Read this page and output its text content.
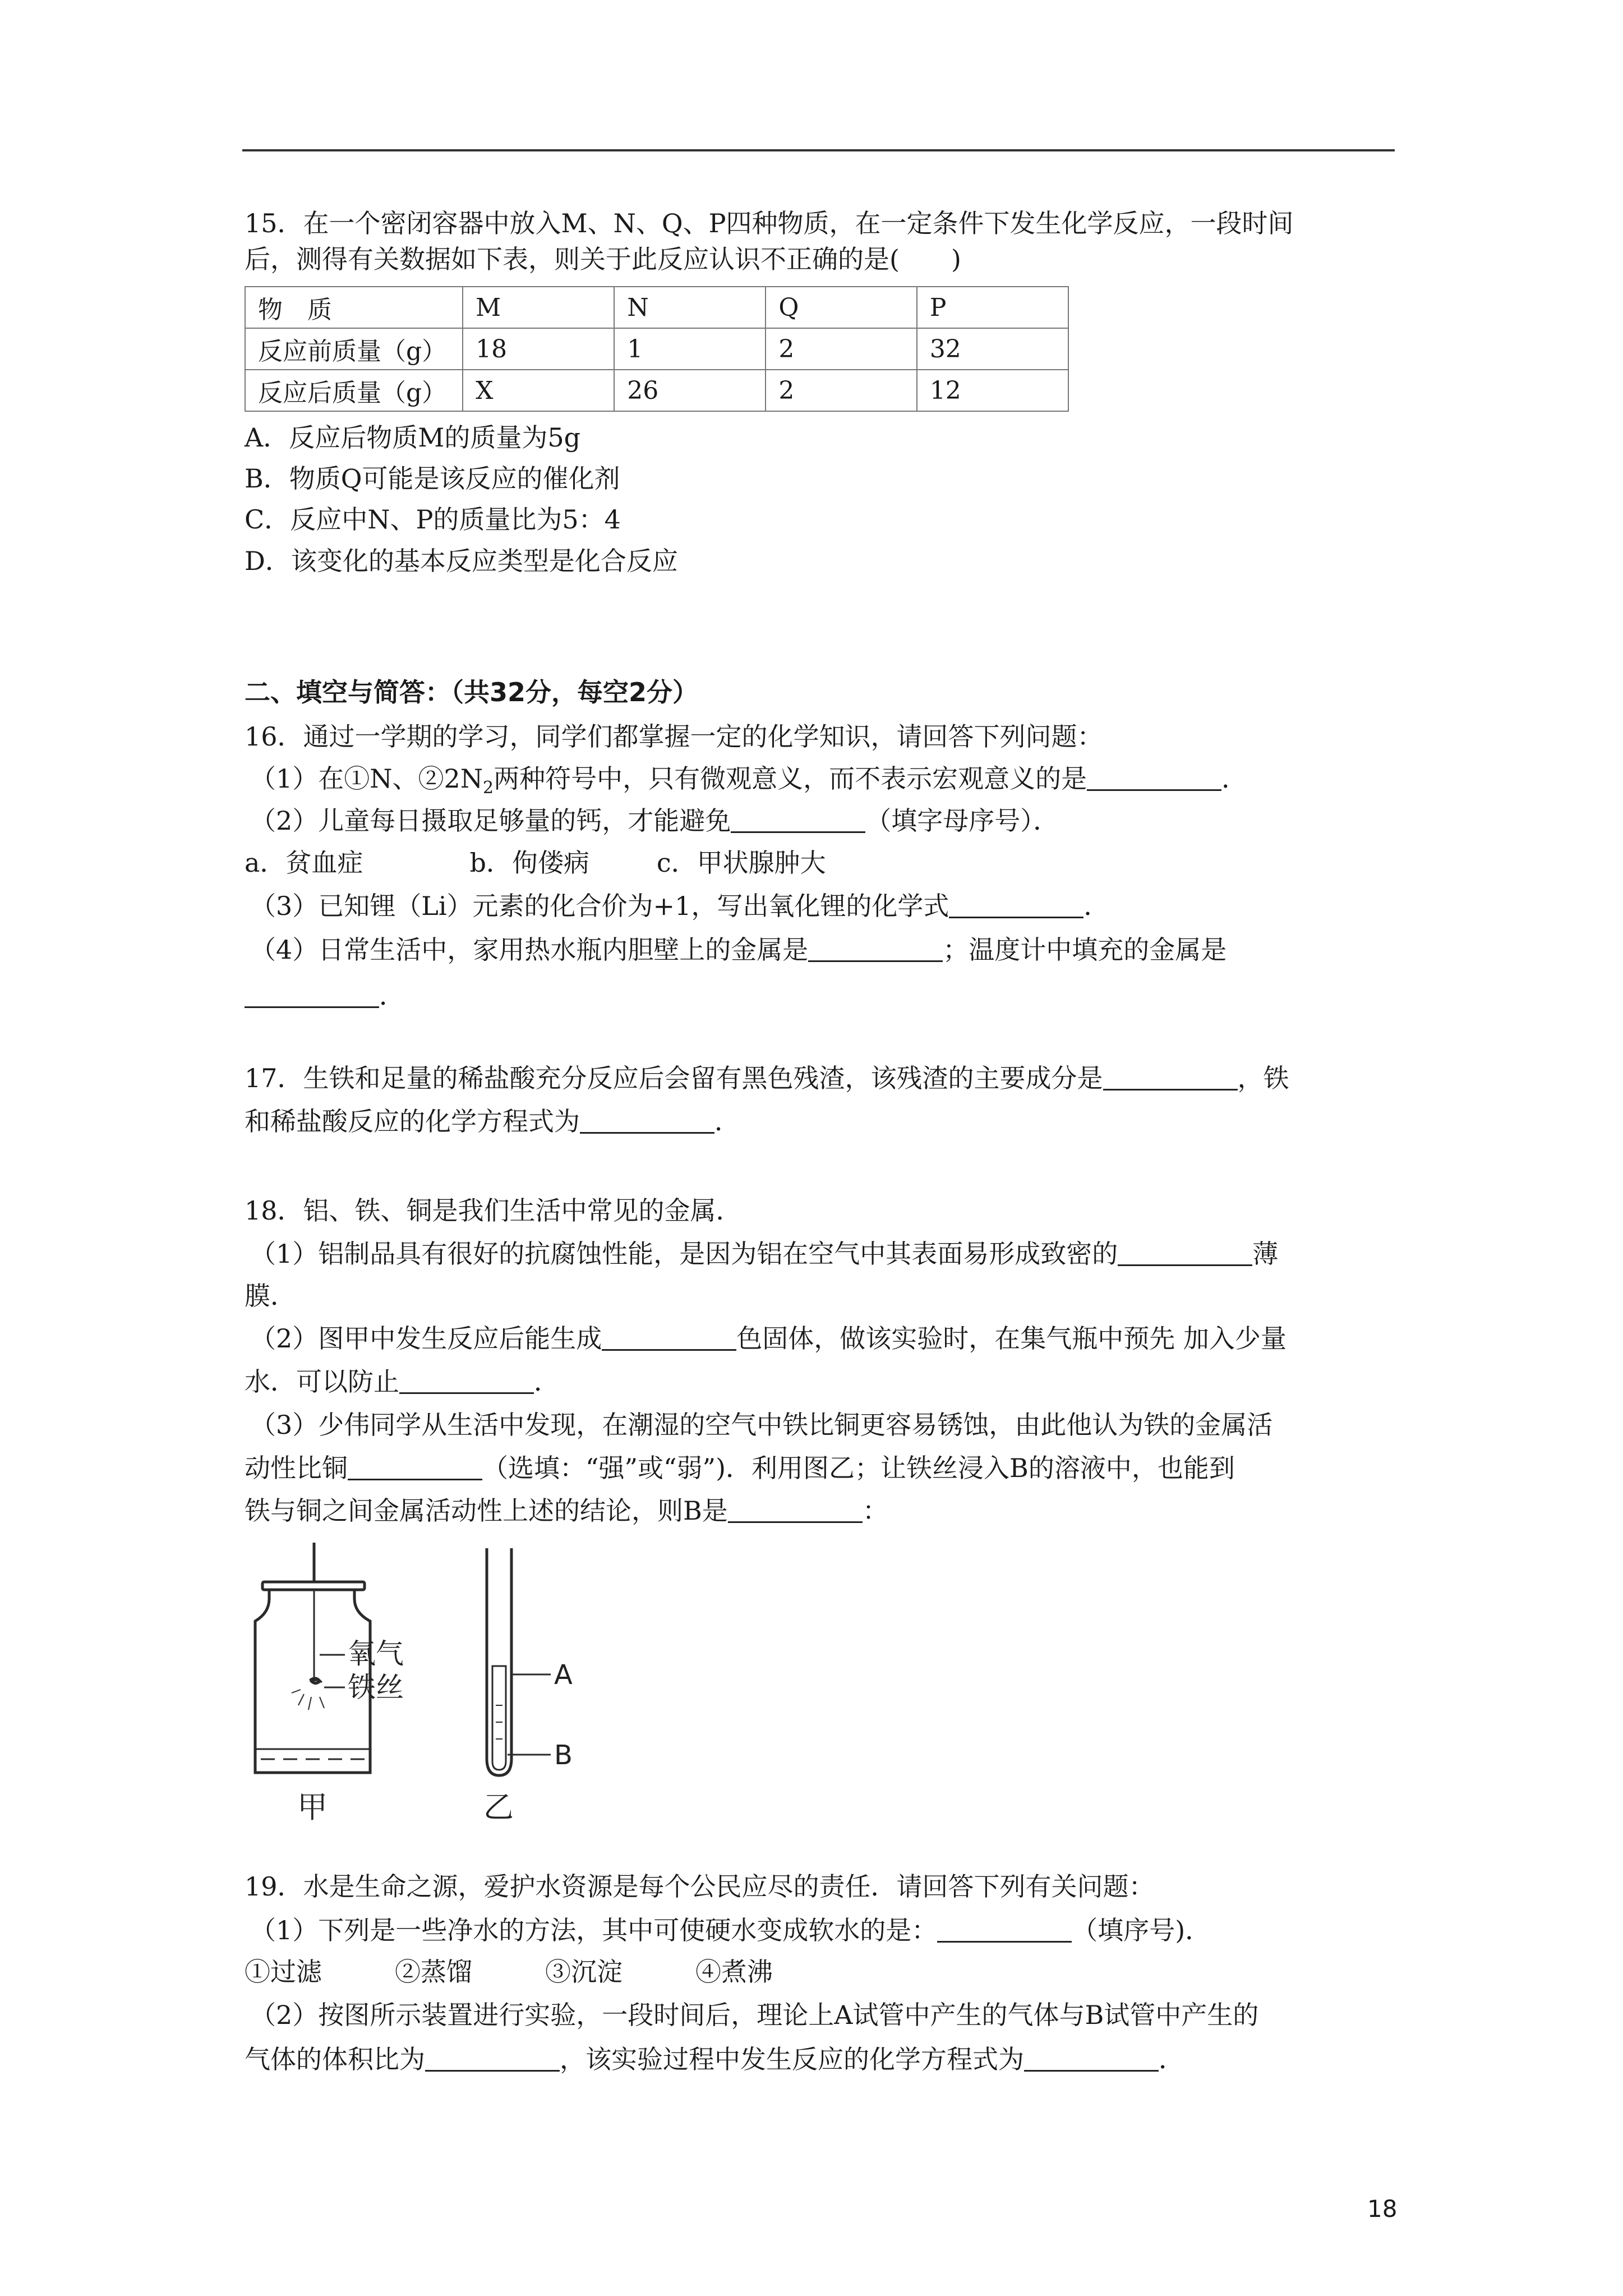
15．在一个密闭容器中放入M、N、Q、P四种物质，在一定条件下发生化学反应，一段时间
后，测得有关数据如下表，则关于此反应认识不正确的是(　　)
物　质	M	N	Q	P
反应前质量（g）	18	1	2	32
反应后质量（g）	X	26	2	12
A．反应后物质M的质量为5g
B．物质Q可能是该反应的催化剂
C．反应中N、P的质量比为5：4
D．该变化的基本反应类型是化合反应
二、填空与简答：（共32分，每空2分）
16．通过一学期的学习，同学们都掌握一定的化学知识，请回答下列问题：
（1）在①N、$②2N_2$两种符号中，只有微观意义，而不表示宏观意义的是	．
（2）儿童每日摄取足够量的钙，才能避免	（填字母序号）．
a．贫血症	b．佝偻病	c．甲状腺肿大
（3）已知锂（Li）元素的化合价为+1，写出氧化锂的化学式	．
（4）日常生活中，家用热水瓶内胆壁上的金属是	；温度计中填充的金属是
．
17．生铁和足量的稀盐酸充分反应后会留有黑色残渣，该残渣的主要成分是	，铁
和稀盐酸反应的化学方程式为	．
18．铝、铁、铜是我们生活中常见的金属．
（1）铝制品具有很好的抗腐蚀性能，是因为铝在空气中其表面易形成致密的	薄
膜．
（2）图甲中发生反应后能生成	色固体，做该实验时，在集气瓶中预先 加入少量
水．可以防止	．
（3）少伟同学从生活中发现，在潮湿的空气中铁比铜更容易锈蚀，由此他认为铁的金属活
动性比铜	（选填：“强”或“弱”)．利用图乙；让铁丝浸入B的溶液中，也能到
铁与铜之间金属活动性上述的结论，则B是	：
氧气
铁丝
甲
A
B
乙
19．水是生命之源，爱护水资源是每个公民应尽的责任．请回答下列有关问题：
（1）下列是一些净水的方法，其中可使硬水变成软水的是：	（填序号)．
①过滤	②蒸馏	③沉淀	④煮沸
（2）按图所示装置进行实验，一段时间后，理论上A试管中产生的气体与B试管中产生的
气体的体积比为	，该实验过程中发生反应的化学方程式为	．
18
